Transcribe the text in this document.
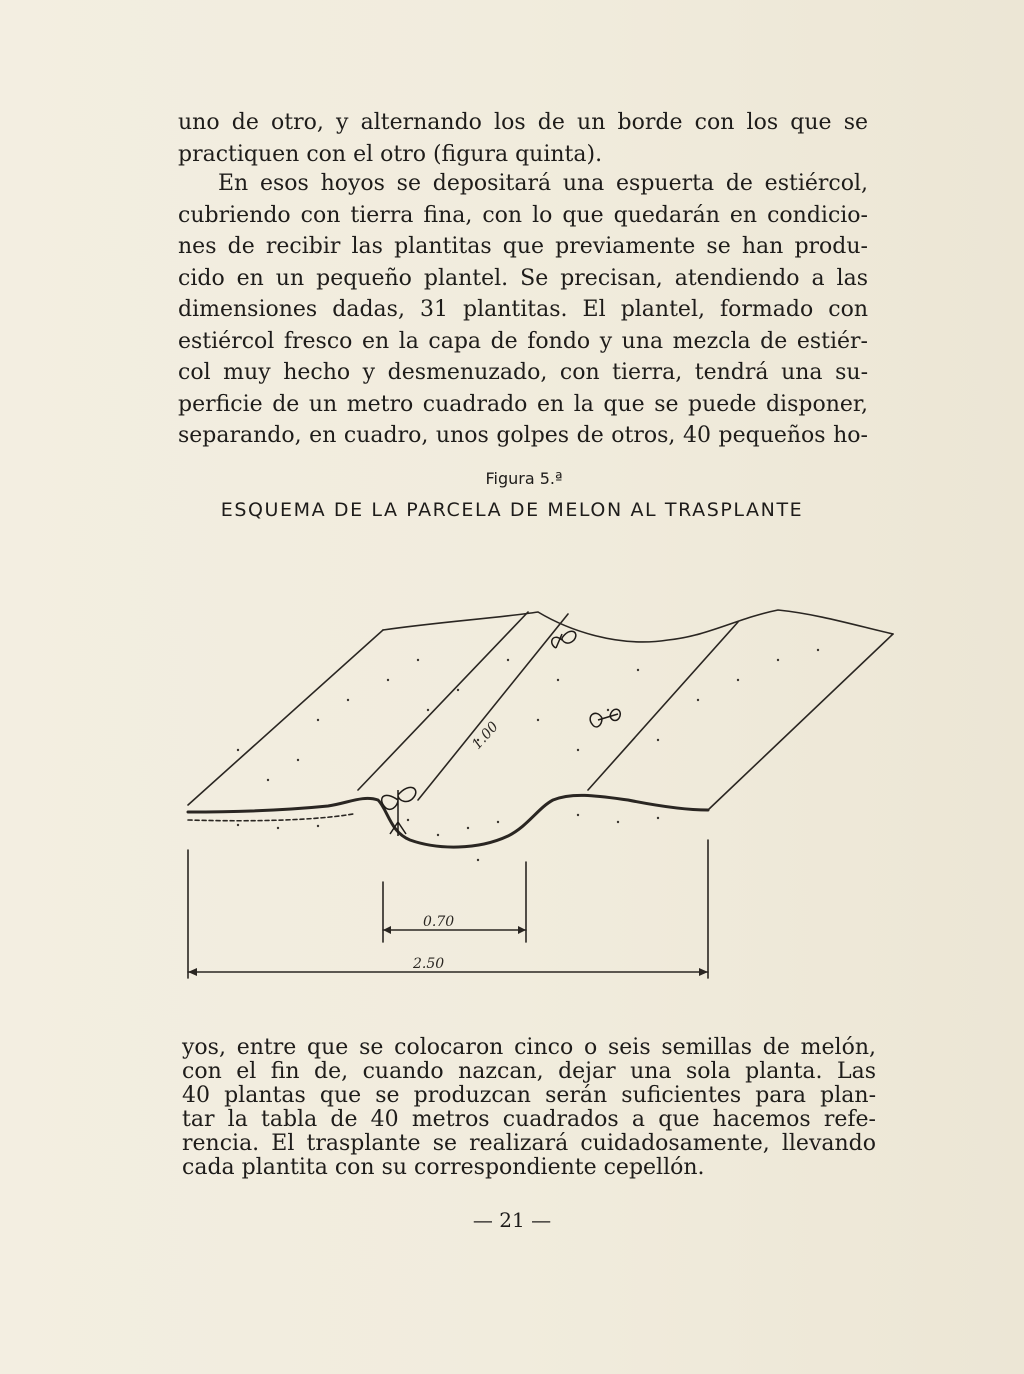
uno de otro, y alternando los de un borde con los que se
practiquen con el otro (figura quinta).

En esos hoyos se depositará una espuerta de estiércol,
cubriendo con tierra fina, con lo que quedarán en condicio-
nes de recibir las plantitas que previamente se han produ-
cido en un pequeño plantel. Se precisan, atendiendo a las
dimensiones dadas, 31 plantitas. El plantel, formado con
estiércol fresco en la capa de fondo y una mezcla de estiér-
col muy hecho y desmenuzado, con tierra, tendrá una su-
perficie de un metro cuadrado en la que se puede disponer,
separando, en cuadro, unos golpes de otros, 40 pequeños ho-

Figura 5.ª
ESQUEMA DE LA PARCELA DE MELON AL TRASPLANTE
1.00
0.70
2.50

yos, entre que se colocaron cinco o seis semillas de melón,
con el fin de, cuando nazcan, dejar una sola planta. Las
40 plantas que se produzcan serán suficientes para plan-
tar la tabla de 40 metros cuadrados a que hacemos refe-
rencia. El trasplante se realizará cuidadosamente, llevando
cada plantita con su correspondiente cepellón.

— 21 —
